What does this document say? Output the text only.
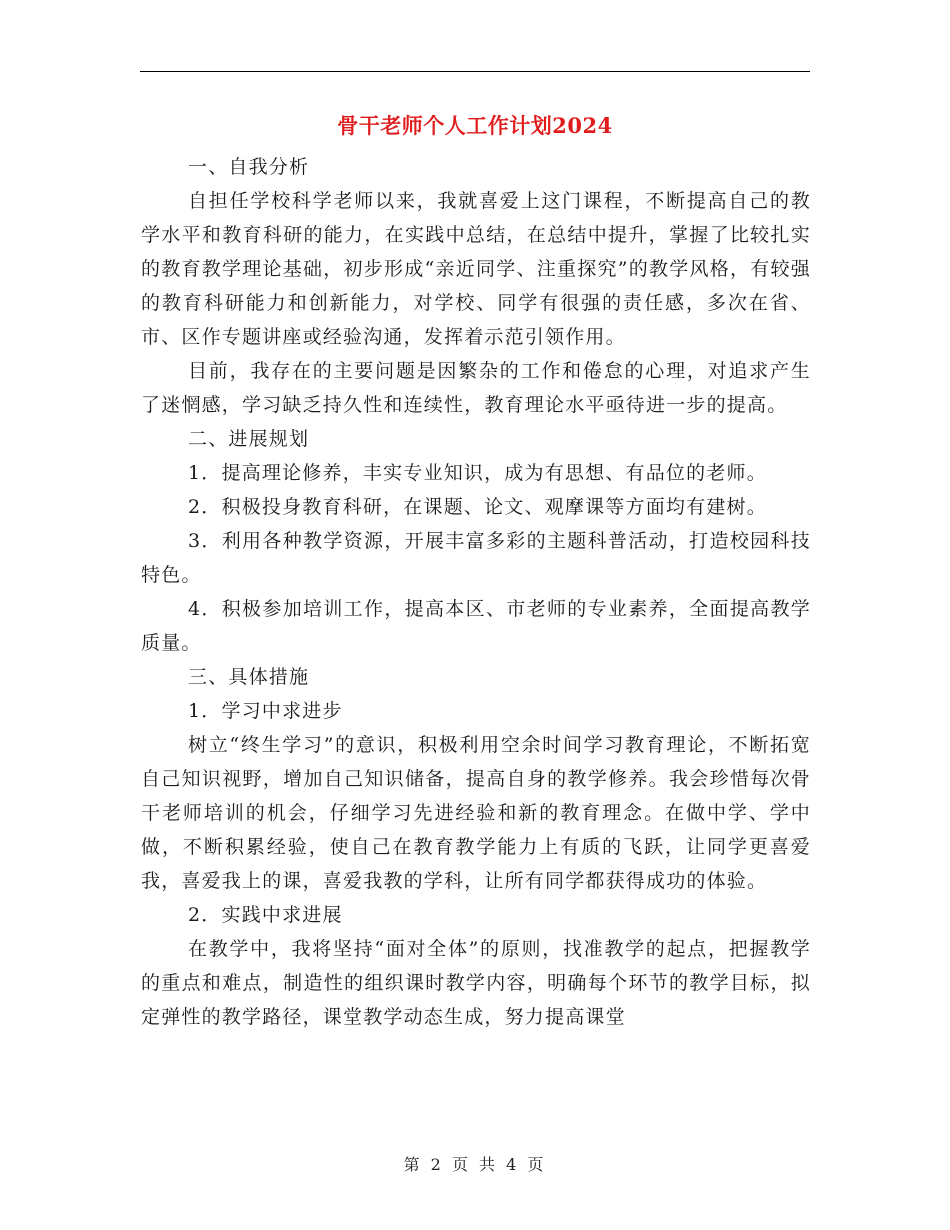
骨干老师个人工作计划2024

一、自我分析

自担任学校科学老师以来，我就喜爱上这门课程，不断提高自己的教学水平和教育科研的能力，在实践中总结，在总结中提升，掌握了比较扎实的教育教学理论基础，初步形成“亲近同学、注重探究”的教学风格，有较强的教育科研能力和创新能力，对学校、同学有很强的责任感，多次在省、市、区作专题讲座或经验沟通，发挥着示范引领作用。

目前，我存在的主要问题是因繁杂的工作和倦怠的心理，对追求产生了迷惘感，学习缺乏持久性和连续性，教育理论水平亟待进一步的提高。

二、进展规划

1．提高理论修养，丰实专业知识，成为有思想、有品位的老师。

2．积极投身教育科研，在课题、论文、观摩课等方面均有建树。

3．利用各种教学资源，开展丰富多彩的主题科普活动，打造校园科技特色。

4．积极参加培训工作，提高本区、市老师的专业素养，全面提高教学质量。

三、具体措施

1．学习中求进步

树立“终生学习”的意识，积极利用空余时间学习教育理论，不断拓宽自己知识视野，增加自己知识储备，提高自身的教学修养。我会珍惜每次骨干老师培训的机会，仔细学习先进经验和新的教育理念。在做中学、学中做，不断积累经验，使自己在教育教学能力上有质的飞跃，让同学更喜爱我，喜爱我上的课，喜爱我教的学科，让所有同学都获得成功的体验。

2．实践中求进展

在教学中，我将坚持“面对全体”的原则，找准教学的起点，把握教学的重点和难点，制造性的组织课时教学内容，明确每个环节的教学目标，拟定弹性的教学路径，课堂教学动态生成，努力提高课堂

第 2 页 共 4 页
